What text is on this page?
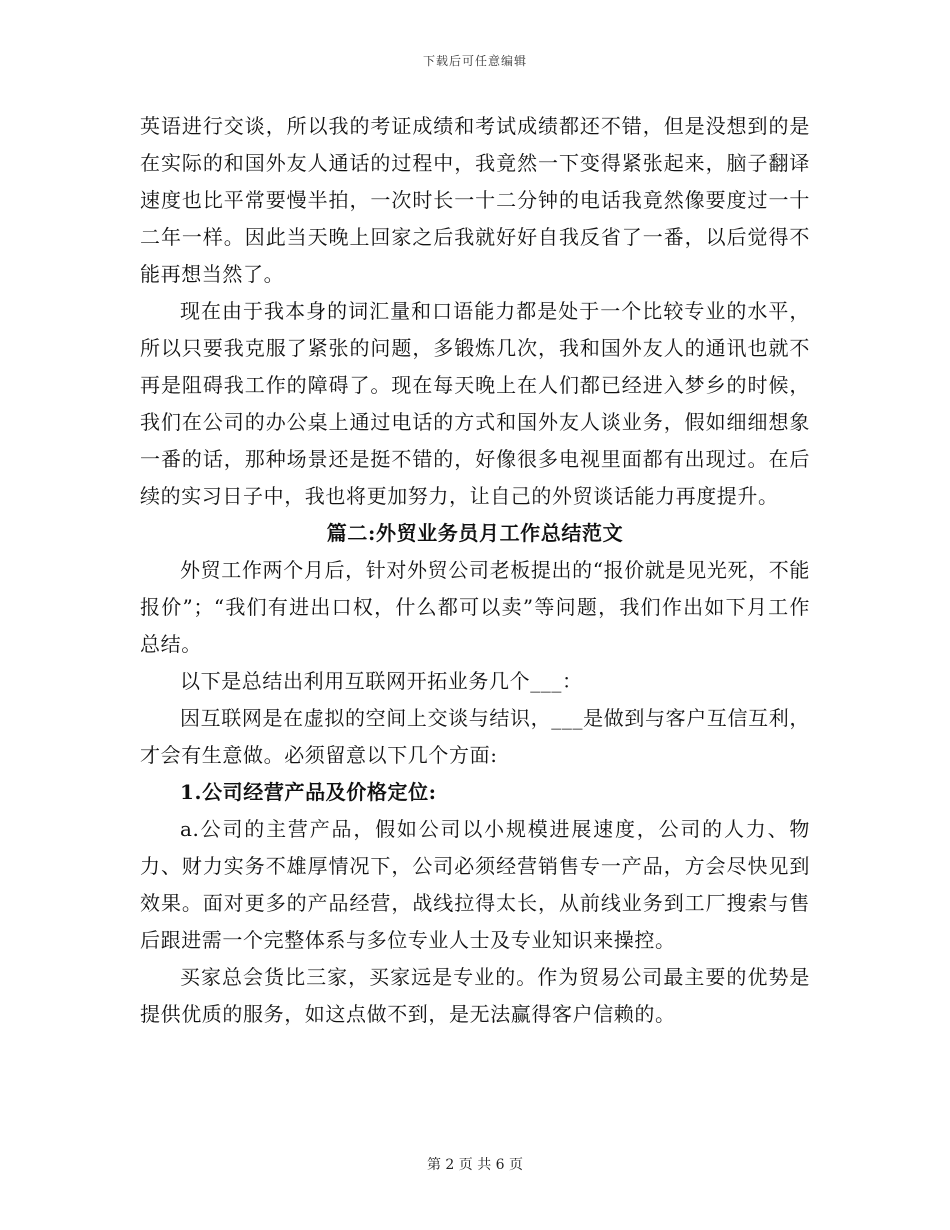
下载后可任意编辑

英语进行交谈，所以我的考证成绩和考试成绩都还不错，但是没想到的是在实际的和国外友人通话的过程中，我竟然一下变得紧张起来，脑子翻译速度也比平常要慢半拍，一次时长一十二分钟的电话我竟然像要度过一十二年一样。因此当天晚上回家之后我就好好自我反省了一番，以后觉得不能再想当然了。

现在由于我本身的词汇量和口语能力都是处于一个比较专业的水平，所以只要我克服了紧张的问题，多锻炼几次，我和国外友人的通讯也就不再是阻碍我工作的障碍了。现在每天晚上在人们都已经进入梦乡的时候，我们在公司的办公桌上通过电话的方式和国外友人谈业务，假如细细想象一番的话，那种场景还是挺不错的，好像很多电视里面都有出现过。在后续的实习日子中，我也将更加努力，让自己的外贸谈话能力再度提升。

篇二:外贸业务员月工作总结范文

外贸工作两个月后，针对外贸公司老板提出的“报价就是见光死，不能报价”；“我们有进出口权，什么都可以卖”等问题，我们作出如下月工作总结。

以下是总结出利用互联网开拓业务几个___：

因互联网是在虚拟的空间上交谈与结识，___是做到与客户互信互利，才会有生意做。必须留意以下几个方面:

1.公司经营产品及价格定位:

a.公司的主营产品，假如公司以小规模进展速度，公司的人力、物力、财力实务不雄厚情况下，公司必须经营销售专一产品，方会尽快见到效果。面对更多的产品经营，战线拉得太长，从前线业务到工厂搜索与售后跟进需一个完整体系与多位专业人士及专业知识来操控。

买家总会货比三家，买家远是专业的。作为贸易公司最主要的优势是提供优质的服务，如这点做不到，是无法赢得客户信赖的。

第 2 页 共 6 页
